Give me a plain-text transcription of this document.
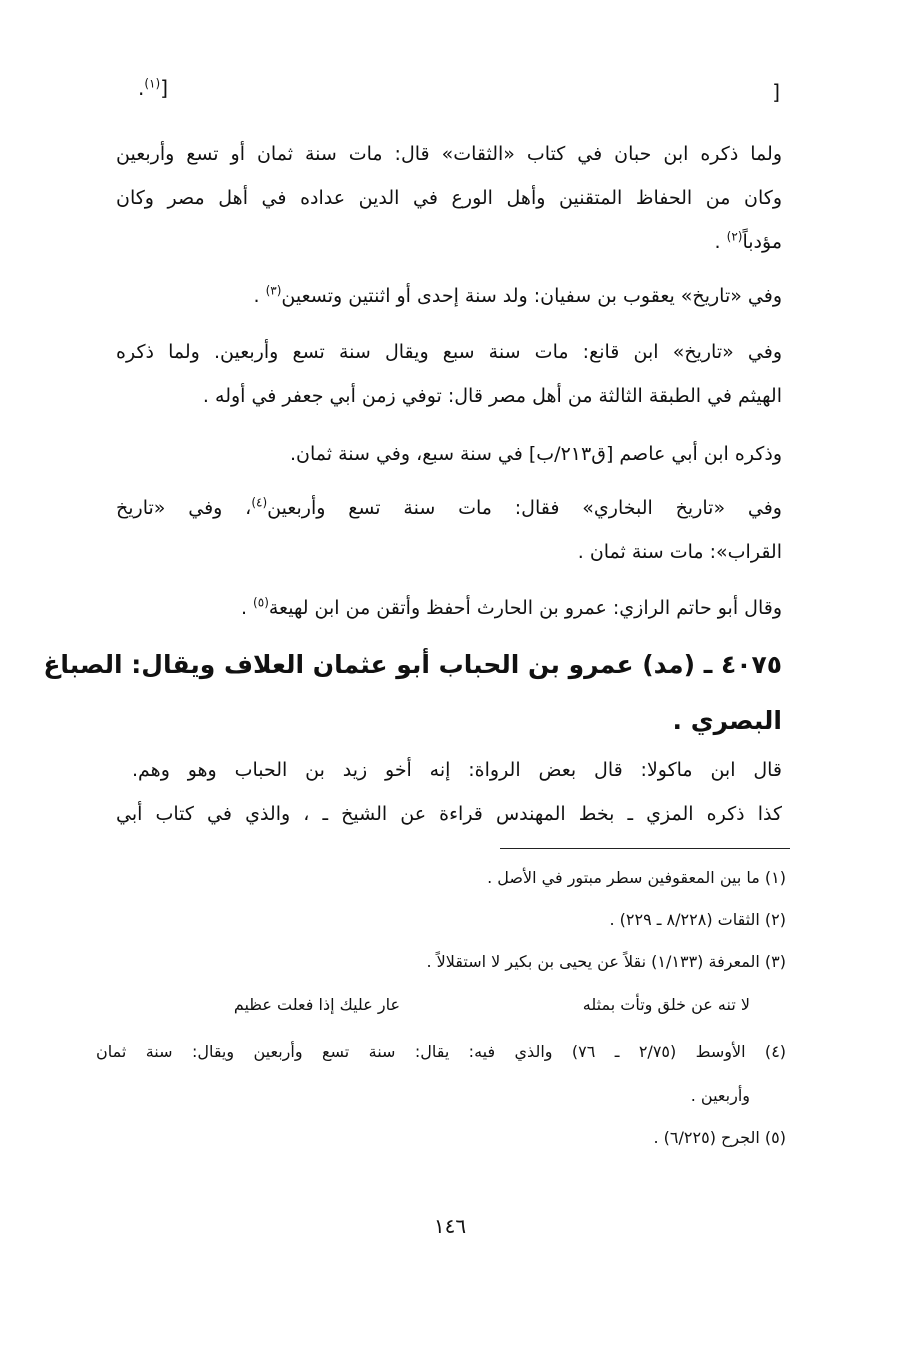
]
[$^{(١)}$.
ولما ذكره ابن حبان في كتاب «الثقات» قال: مات سنة ثمان أو تسع وأربعين
وكان من الحفاظ المتقنين وأهل الورع في الدين عداده في أهل مصر وكان
مؤدباً$^{(٢)}$ .
وفي «تاريخ» يعقوب بن سفيان: ولد سنة إحدى أو اثنتين وتسعين$^{(٣)}$ .
وفي «تاريخ» ابن قانع: مات سنة سبع ويقال سنة تسع وأربعين. ولما ذكره
الهيثم في الطبقة الثالثة من أهل مصر قال: توفي زمن أبي جعفر في أوله .
وذكره ابن أبي عاصم [ق٢١٣/ب] في سنة سبع، وفي سنة ثمان.
وفي «تاريخ البخاري» فقال: مات سنة تسع وأربعين$^{(٤)}$، وفي «تاريخ
القراب»: مات سنة ثمان .
وقال أبو حاتم الرازي: عمرو بن الحارث أحفظ وأتقن من ابن لهيعة$^{(٥)}$ .
٤٠٧٥ ـ (مد) عمرو بن الحباب أبو عثمان العلاف ويقال: الصباغ
البصري .
قال ابن ماكولا: قال بعض الرواة: إنه أخو زيد بن الحباب وهو وهم.
كذا ذكره المزي ـ بخط المهندس قراءة عن الشيخ ـ ، والذي في كتاب أبي
(١) ما بين المعقوفين سطر مبتور في الأصل .
(٢) الثقات (٨/٢٢٨ ـ ٢٢٩) .
(٣) المعرفة (١/١٣٣) نقلاً عن يحيى بن بكير لا استقلالاً .
لا تنه عن خلق وتأت بمثله
عار عليك إذا فعلت عظيم
(٤) الأوسط (٢/٧٥ ـ ٧٦) والذي فيه: يقال: سنة تسع وأربعين ويقال: سنة ثمان
وأربعين .
(٥) الجرح (٦/٢٢٥) .
١٤٦
